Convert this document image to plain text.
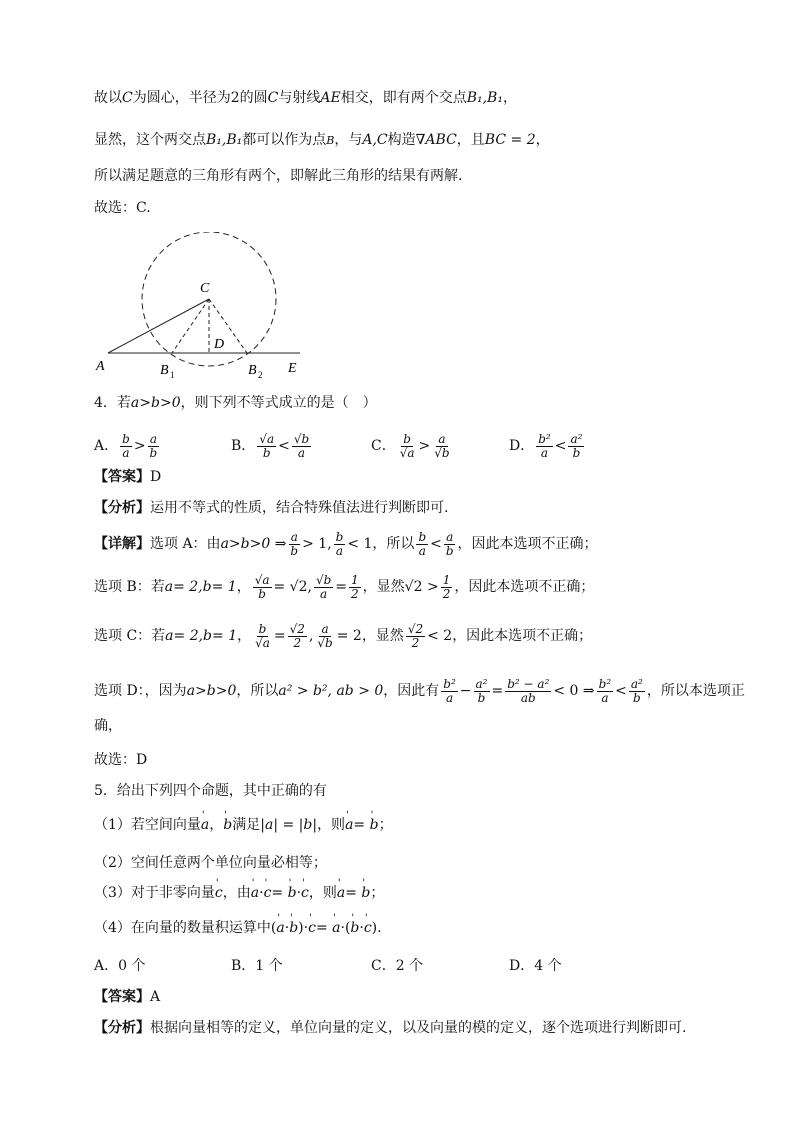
故以C为圆心，半径为2的圆C与射线AE相交，即有两个交点B₁,B₁，
显然，这个两交点B₁,B₁都可以作为点B，与A,C构造∇ABC，且BC = 2，
所以满足题意的三角形有两个，即解此三角形的结果有两解.
故选：C.
A	B 1	B 2 E
C
D
4．若a>b>0，则下列不等式成立的是（　）
A． $\frac{b}{a} > \frac{a}{b}$	B． $\frac{√a}{b} < \frac{√b}{a}$	C． $\frac{b}{√a} > \frac{a}{√b}$	D． $\frac{\text{b²}}{a} < \frac{\text{a²}}{b}$
【答案】D
【分析】运用不等式的性质，结合特殊值法进行判断即可.
【详解】选项 A：由a>b>0 ⇒ $\frac{a}{b} > 1$, $\frac{b}{a} < 1$，所以 $\frac{b}{a} < \frac{a}{b}$ ，因此本选项不正确；
选项 B：若a= 2,b= 1， $\frac{√a}{b} = √2$, $\frac{√b}{a} = \frac{1}{2}$ ，显然$√2 > \frac{1}{2}$ ，因此本选项不正确；
选项 C：若a= 2,b= 1， $\frac{b}{√a} = \frac{√2}{2}$ , $\frac{a}{√b} = 2$，显然 $\frac{√2}{2} < 2$，因此本选项不正确；
选项 D：，因为a>b>0，所以a² > b², ab > 0，因此有 $\frac{\text{b²}}{a} - \frac{\text{a²}}{b} = \frac{\text{b² − a²}}{ab} < 0$ ⇒ $\frac{\text{b²}}{a} < \frac{\text{a²}}{b}$ ，所以本选项正
确，
故选：D
5．给出下列四个命题，其中正确的有
（1）若空间向量' a，' b满足|a| = |b|，则' a= ' b；
（2）空间任意两个单位向量必相等；
（3）对于非零向量' c，由' a·' c= ' b·' c，则' a= ' b；
（4）在向量的数量积运算中(' a·' b)·' c= ' a·(' b·' c).
A．0 个	B．1 个	C．2 个	D．4 个
【答案】A
【分析】根据向量相等的定义，单位向量的定义，以及向量的模的定义，逐个选项进行判断即可.
